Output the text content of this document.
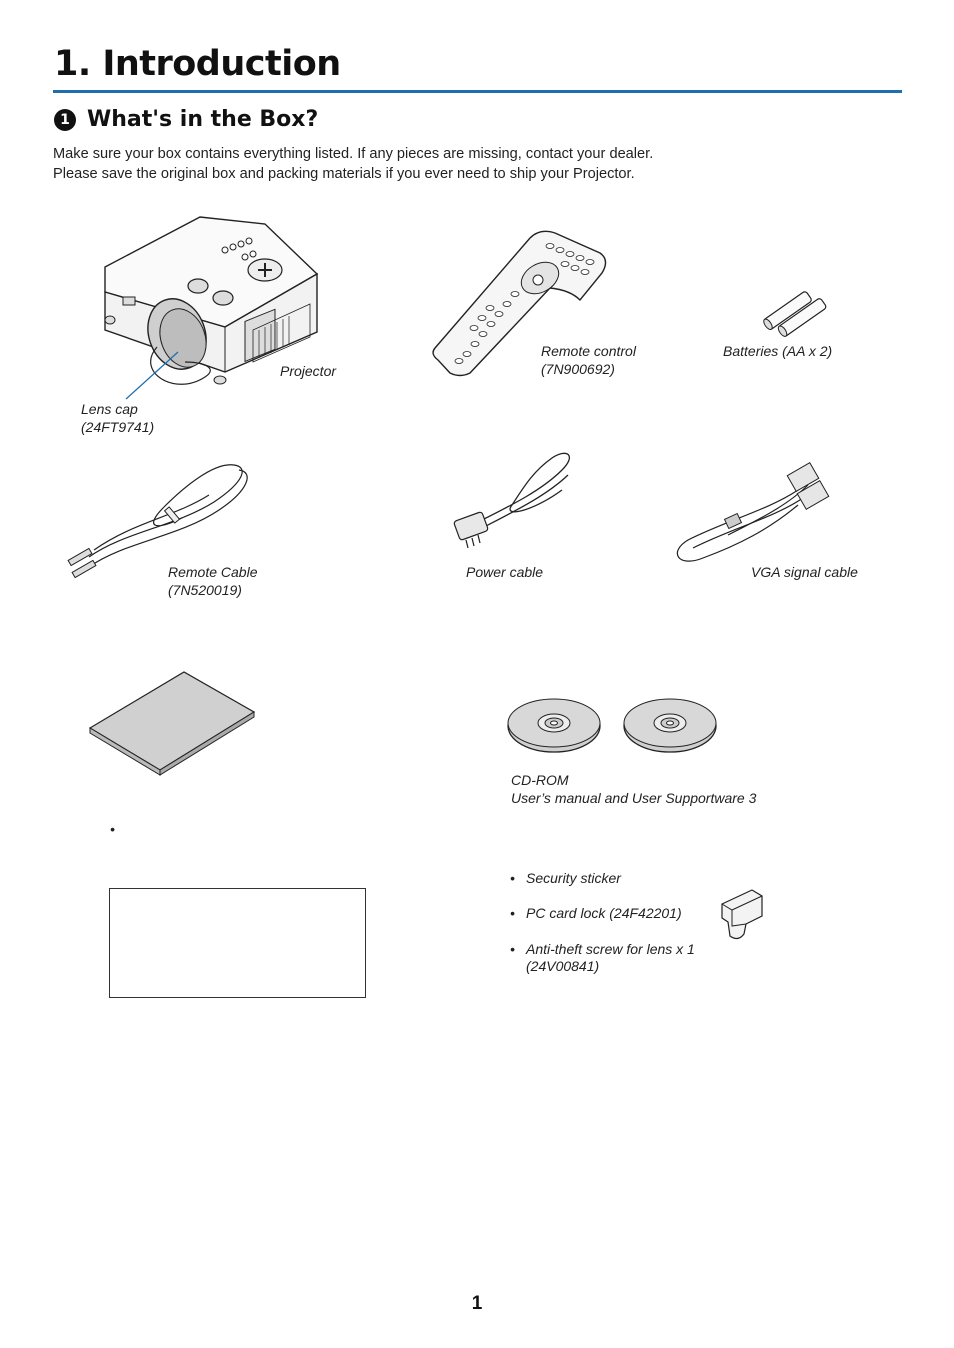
1. Introduction
1 What's in the Box?
Make sure your box contains everything listed. If any pieces are missing, contact your dealer.
Please save the original box and packing materials if you ever need to ship your Projector.
Projector
Lens cap
(24FT9741)
Remote control
(7N900692)
Batteries (AA x 2)
Remote Cable
(7N520019)
Power cable	VGA signal cable
•
CD-ROM
User’s manual and User Supportware 3
• Security sticker
• PC card lock (24F42201)
• Anti-theft screw for lens x 1
(24V00841)
1
